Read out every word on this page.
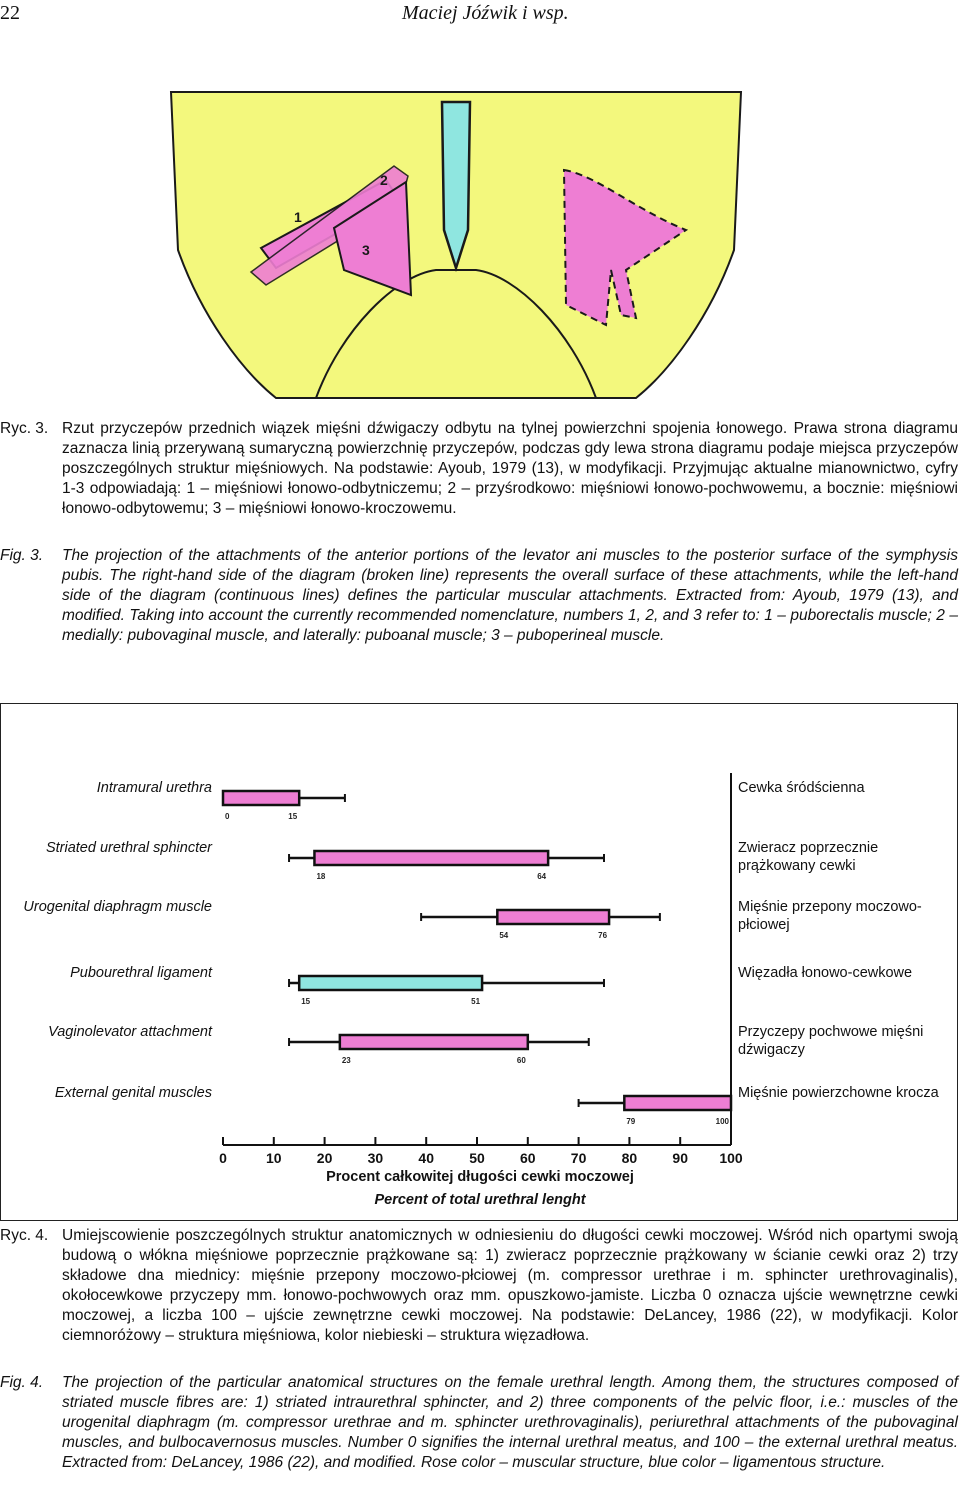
22	Maciej Jóźwik i wsp.
1
2
3
Ryc. 3. Rzut przyczepów przednich wiązek mięśni dźwigaczy odbytu na tylnej powierzchni spojenia łonowego. Prawa strona diagramu zaznacza linią przerywaną sumaryczną powierzchnię przyczepów, podczas gdy lewa strona diagramu podaje miejsca przyczepów poszczególnych struktur mięśniowych. Na podstawie: Ayoub, 1979 (13), w modyfikacji. Przyjmując aktualne mianownictwo, cyfry 1-3 odpowiadają: 1 – mięśniowi łonowo-odbytniczemu; 2 – przyśrodkowo: mięśniowi łonowo-pochwowemu, a bocznie: mięśniowi łonowo-odbytowemu; 3 – mięśniowi łonowo-kroczowemu.
Fig. 3. The projection of the attachments of the anterior portions of the levator ani muscles to the posterior surface of the symphysis pubis. The right-hand side of the diagram (broken line) represents the overall surface of these attachments, while the left-hand side of the diagram (continuous lines) defines the particular muscular attachments. Extracted from: Ayoub, 1979 (13), and modified. Taking into account the currently recommended nomenclature, numbers 1, 2, and 3 refer to: 1 – puborectalis muscle; 2 – medially: pubovaginal muscle, and laterally: puboanal muscle; 3 – puboperineal muscle.
0	15
18	64
54	76
15	51
23	60
79	100
0	10	20	30	40	50	60	70	80	90 100
Intramural urethra	Cewka śródścienna
Striated urethral sphincter	Zwieracz poprzecznie prążkowany cewki
Urogenital diaphragm muscle	Mięśnie przepony moczowo-płciowej
Pubourethral ligament	Więzadła łonowo-cewkowe
Vaginolevator attachment	Przyczepy pochwowe mięśni dźwigaczy
External genital muscles	Mięśnie powierzchowne krocza
Procent całkowitej długości cewki moczowej
Percent of total urethral lenght
Ryc. 4. Umiejscowienie poszczególnych struktur anatomicznych w odniesieniu do długości cewki moczowej. Wśród nich opartymi swoją budową o włókna mięśniowe poprzecznie prążkowane są: 1) zwieracz poprzecznie prążkowany w ścianie cewki oraz 2) trzy składowe dna miednicy: mięśnie przepony moczowo-płciowej (m. compressor urethrae i m. sphincter urethrovaginalis), okołocewkowe przyczepy mm. łonowo-pochwowych oraz mm. opuszkowo-jamiste. Liczba 0 oznacza ujście wewnętrzne cewki moczowej, a liczba 100 – ujście zewnętrzne cewki moczowej. Na podstawie: DeLancey, 1986 (22), w modyfikacji. Kolor ciemnoróżowy – struktura mięśniowa, kolor niebieski – struktura więzadłowa.
Fig. 4. The projection of the particular anatomical structures on the female urethral length. Among them, the structures composed of striated muscle fibres are: 1) striated intraurethral sphincter, and 2) three components of the pelvic floor, i.e.: muscles of the urogenital diaphragm (m. compressor urethrae and m. sphincter urethrovaginalis), periurethral attachments of the pubovaginal muscles, and bulbocavernosus muscles. Number 0 signifies the internal urethral meatus, and 100 – the external urethral meatus. Extracted from: DeLancey, 1986 (22), and modified. Rose color – muscular structure, blue color – ligamentous structure.
